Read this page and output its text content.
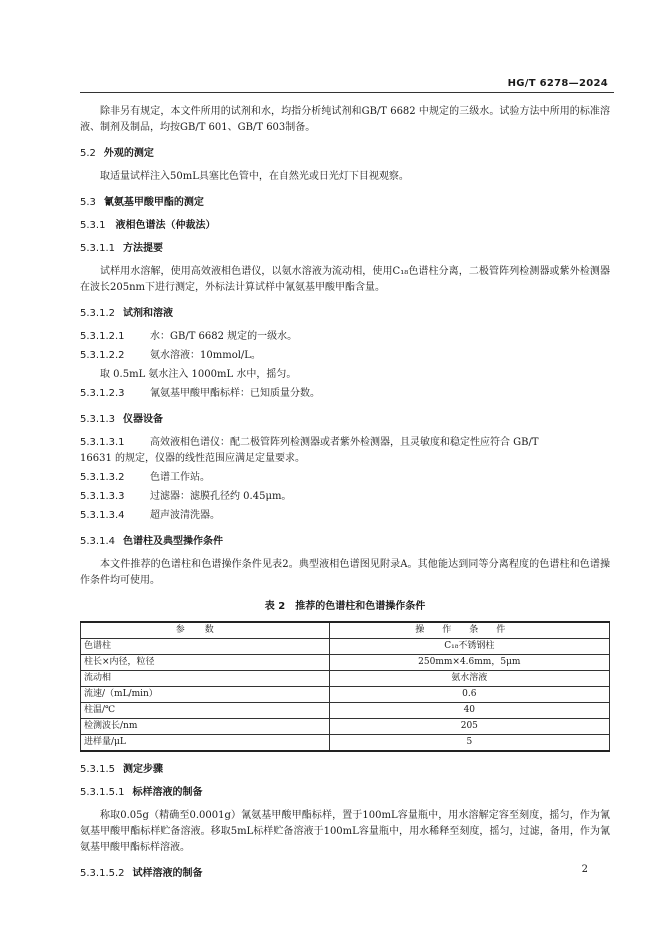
HG/T 6278—2024

除非另有规定，本文件所用的试剂和水，均指分析纯试剂和GB/T 6682 中规定的三级水。试验方法中所用的标准溶液、制剂及制品，均按GB/T 601、GB/T 603制备。

5.2 外观的测定

取适量试样注入50mL具塞比色管中，在自然光或日光灯下目视观察。

5.3 氰氨基甲酸甲酯的测定
5.3.1 液相色谱法（仲裁法）
5.3.1.1 方法提要

试样用水溶解，使用高效液相色谱仪，以氨水溶液为流动相，使用C₁₈色谱柱分离，二极管阵列检测器或紫外检测器在波长205nm下进行测定，外标法计算试样中氰氨基甲酸甲酯含量。

5.3.1.2 试剂和溶液

5.3.1.2.1	水：GB/T 6682 规定的一级水。

5.3.1.2.2	氨水溶液：10mmol/L。

取 0.5mL 氨水注入 1000mL 水中，摇匀。

5.3.1.2.3	氰氨基甲酸甲酯标样：已知质量分数。

5.3.1.3 仪器设备

5.3.1.3.1	高效液相色谱仪：配二极管阵列检测器或者紫外检测器，且灵敏度和稳定性应符合 GB/T

16631 的规定，仪器的线性范围应满足定量要求。

5.3.1.3.2	色谱工作站。

5.3.1.3.3	过滤器：滤膜孔径约 0.45μm。

5.3.1.3.4	超声波清洗器。

5.3.1.4 色谱柱及典型操作条件

本文件推荐的色谱柱和色谱操作条件见表2。典型液相色谱图见附录A。其他能达到同等分离程度的色谱柱和色谱操作条件均可使用。

表 2　推荐的色谱柱和色谱操作条件
参数	操作条件
色谱柱	C₁₈不锈钢柱
柱长×内径，粒径	250mm×4.6mm，5μm
流动相	氨水溶液
流速/（mL/min）	0.6
柱温/℃	40
检测波长/nm	205
进样量/μL	5
5.3.1.5 测定步骤
5.3.1.5.1 标样溶液的制备

称取0.05g（精确至0.0001g）氰氨基甲酸甲酯标样，置于100mL容量瓶中，用水溶解定容至刻度，摇匀，作为氰氨基甲酸甲酯标样贮备溶液。移取5mL标样贮备溶液于100mL容量瓶中，用水稀释至刻度，摇匀，过滤，备用，作为氰氨基甲酸甲酯标样溶液。

5.3.1.5.2 试样溶液的制备	2
